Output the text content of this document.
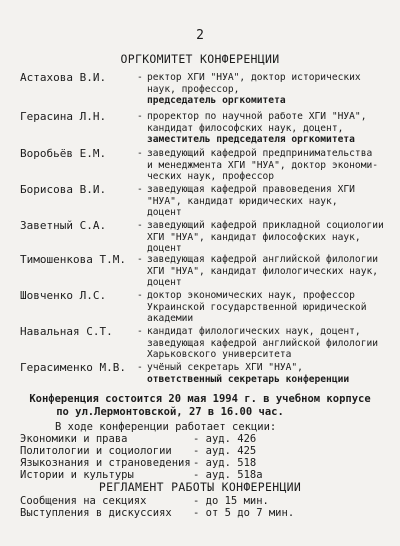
2
ОРГКОМИТЕТ КОНФЕРЕНЦИИ
Астахова В.И.	- ректор ХГИ "НУА", доктор исторических
наук, профессор,
председатель оргкомитета
Герасина Л.Н.	- проректор по научной работе ХГИ "НУА",
кандидат философских наук, доцент,
заместитель председателя оргкомитета
Воробьёв Е.М.	- заведующий кафедрой предпринимательства
и менеджмента ХГИ "НУА", доктор экономи-
ческих наук, профессор
Борисова В.И.	- заведующая кафедрой правоведения ХГИ
"НУА", кандидат юридических наук,
доцент
Заветный С.А.	- заведующий кафедрой прикладной социологии
ХГИ "НУА", кандидат философских наук,
доцент
Тимошенкова Т.М. - заведующая кафедрой английской филологии
ХГИ "НУА", кандидат филологических наук,
доцент
Шовченко Л.С.	- доктор экономических наук, профессор
Украинской государственной юридической
академии
Навальная С.Т.	- кандидат филологических наук, доцент,
заведующая кафедрой английской филологии
Харьковского университета
Герасименко М.В. - учёный секретарь ХГИ "НУА",
ответственный секретарь конференции
Конференция состоится 20 мая 1994 г. в учебном корпусе
по ул.Лермонтовской, 27 в 16.00 час.
В ходе конференции работает секции:
Экономики и права	- ауд. 426
Политологии и социологии - ауд. 425
Языкознания и страноведения - ауд. 518
Истории и культуры	- ауд. 518а
РЕГЛАМЕНТ РАБОТЫ КОНФЕРЕНЦИИ
Сообщения на секциях	- до 15 мин.
Выступления в дискуссиях - от 5 до 7 мин.
